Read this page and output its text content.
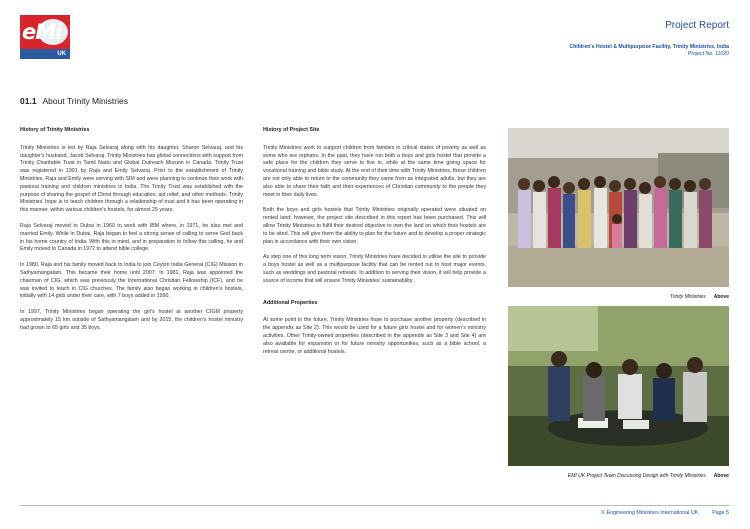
eMi
UK
Project Report
Children's Hostel & Multipurpose Facility, Trinity Ministries, India
Project No. 11020
01.1 About Trinity Ministries
History of Trinity Ministries

Trinity Ministries is led by Raja Selvaraj along with his daughter, Sharon Selvaraj, and his daughter's husband, Jacob Selvaraj. Trinity Ministries has global connections with support from Trinity Charitable Trust in Tamil Nadu and Global Outreach Mission in Canada. Trinity Trust was registered in 1991 by Raja and Emily Selvaraj. Prior to the establishment of Trinity Ministries, Raja and Emily were serving with SIM and were planning to continue their work with pastoral training and children ministries in India. The Trinity Trust was established with the purpose of sharing the gospel of Christ through education, aid relief, and other methods. Trinity Ministries' hope is to teach children through a relationship of trust and it has been operating in this manner, within various children's hostels, for almost 25 years.

Raja Selvaraj moved to Dubai in 1960 to work with IBM where, in 1971, he also met and married Emily. While in Dubai, Raja began to feel a strong sense of calling to serve God back in his home country of India. With this in mind, and in preparation to follow this calling, he and Emily moved to Canada in 1972 to attend bible college.

In 1980, Raja and his family moved back to India to join Ceylon India General (CIG) Mission in Sathyamangalam. This became their home until 2007. In 1981, Raja was appointed the chairman of CIG, which was previously the International Christian Fellowship (ICF), and he was invited to teach in CIG churches. The family also began working in children's hostels, initially with 14 girls under their care, with 7 boys added in 1990.

In 1997, Trinity Ministries began operating the girl's hostel at another CIGM property approximately 15 km outside of Sathyamangalam and by 2015, the children's hostel ministry had grown to 65 girls and 35 boys.

History of Project Site

Trinity Ministries work to support children from families in critical states of poverty as well as some who are orphans. In the past, they have run both a boys and girls hostel that provide a safe place for the children they serve to live in, while at the same time giving space for vocational training and bible study. At the end of their time with Trinity Ministries, these children are not only able to return to the community they came from as integrated adults, but they are also able to share their faith and their experiences of Christian community to the people they meet in their daily lives.

Both the boys and girls hostels that Trinity Ministries originally operated were situated on rented land; however, the project site described in this report has been purchased. This will allow Trinity Ministries to fulfil their desired objective to own the land on which their hostels are to be sited. This will give them the ability to plan for the future and to develop a proper strategic plan in accordance with their own vision.

As step one of this long term vision, Trinity Ministries have decided to utilise the site to provide a boys hostel as well as a multipurpose facility that can be rented out to host major events, such as weddings and pastoral retreats. In addition to serving their vision, it will help provide a source of income that will ensure Trinity Ministries' sustainability.

Additional Properties

At some point in the future, Trinity Ministries hope to purchase another property (described in the appendix as Site 2). This would be used for a future girls hostel and for women's ministry activities. Other Trinity-owned properties (described in the appendix as Site 3 and Site 4) are also available for expansion or for future ministry opportunities, such as a bible school, a retreat centre, or additional hostels.

Trinity Ministries Above
EMI UK Project Team Discussing Design with Trinity Ministries Above
© Engineering Ministries International UK	Page 5
